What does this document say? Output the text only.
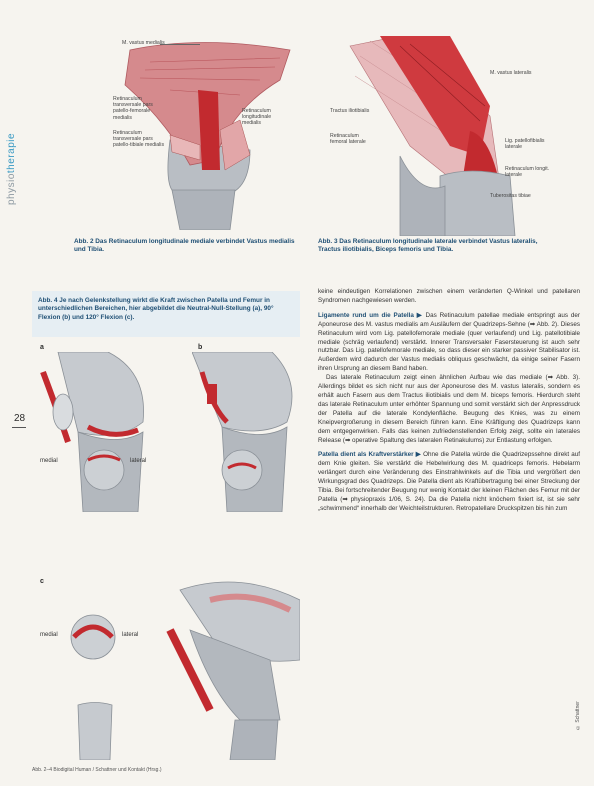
physiotherapie
28
M. vastus medialis
Retinaculum transversale pars patello-femorale medialis
Retinaculum transversale pars patello-tibiale medialis
Retinaculum longitudinale medialis
Abb. 2 Das Retinaculum longitudinale mediale verbindet Vastus medialis und Tibia.
M. vastus lateralis
Tractus iliotibialis
Retinaculum femoral laterale	Lig. patellofibialis laterale
Retinaculum longit. laterale
Tuberositas tibiae
Abb. 3 Das Retinaculum longitudinale laterale verbindet Vastus lateralis, Tractus iliotibialis, Biceps femoris und Tibia.
Abb. 4 Je nach Gelenkstellung wirkt die Kraft zwischen Patella und Femur in unterschiedlichen Bereichen, hier abgebildet die Neutral-Null-Stellung (a), 90° Flexion (b) und 120° Flexion (c).
a	b
c
medial	lateral
medial	lateral
Abb. 2–4 Biodigital Human / Schattner und Kontakt (Hrsg.)

keine eindeutigen Korrelationen zwischen einem veränderten Q-Winkel und patellaren Syndromen nachgewiesen werden.

Ligamente rund um die Patella ▶ Das Retinaculum patellae mediale entspringt aus der Aponeurose des M. vastus medialis am Ausläufern der Quadrizeps-Sehne (➡ Abb. 2). Dieses Retinaculum wird vom Lig. patellofemorale mediale (quer verlaufend) und Lig. patellotibiale mediale (schräg verlaufend) verstärkt. Innerer Transversaler Fasersteuerung ist auch sehr nutzbar. Das Lig. patellofemorale mediale, so dass dieser ein starker passiver Stabilisator ist. Außerdem wird dadurch der Vastus medialis obliquus geschwächt, da einige seiner Fasern ihren Ursprung an diesem Band haben.

Das laterale Retinaculum zeigt einen ähnlichen Aufbau wie das mediale (➡ Abb. 3). Allerdings bildet es sich nicht nur aus der Aponeurose des M. vastus lateralis, sondern es erhält auch Fasern aus dem Tractus iliotibialis und dem M. biceps femoris. Hierdurch steht das laterale Retinaculum unter erhöhter Spannung und somit verstärkt sich der Anpressdruck der Patella auf die laterale Kondylenfläche. Beugung des Knies, was zu einem Kneipvergroßerung in diesem Bereich führen kann. Eine Kräftigung des Quadrizeps kann dem entgegenwirken. Falls das keinen zufriedenstellenden Erfolg zeigt, sollte ein laterales Release (➡ operative Spaltung des lateralen Retinakulums) zur Entlastung erfolgen.

Patella dient als Kraftverstärker ▶ Ohne die Patella würde die Quadrizepssehne direkt auf dem Knie gleiten. Sie verstärkt die Hebelwirkung des M. quadriceps femoris. Hebelarm verlängert durch eine Veränderung des Einstrahlwinkels auf die Tibia und vergrößert den Wirkungsgrad des Quadrizeps. Die Patella dient als Kraftübertragung bei einer Streckung der Tibia. Bei fortschreitender Beugung nur wenig Kontakt der kleinen Flächen des Femur mit der Patella (➡ physiopraxis 1/06, S. 24). Da die Patella nicht knöchern fixiert ist, ist sie sehr „schwimmend“ innerhalb der Weichteilstrukturen. Retropatellare Druckspitzen bis hin zum

© Schattner
